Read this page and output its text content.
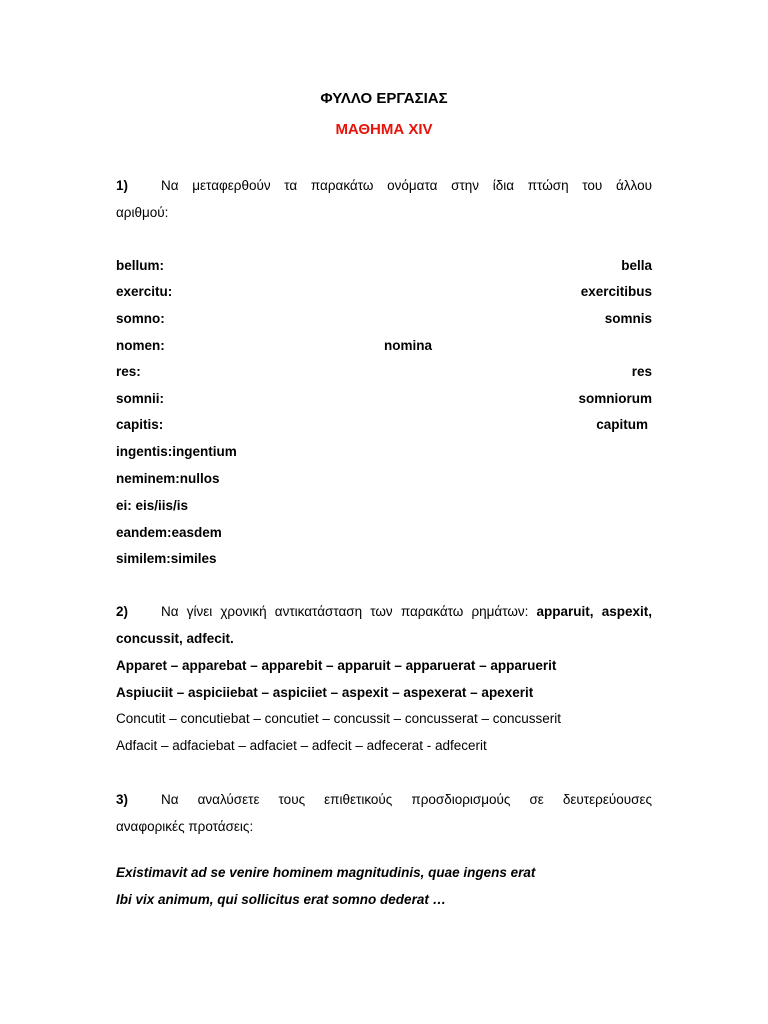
ΦΥΛΛΟ ΕΡΓΑΣΙΑΣ
ΜΑΘΗΜΑ XIV
1) Να μεταφερθούν τα παρακάτω ονόματα στην ίδια πτώση του άλλου
αριθμού:
bellum:	bella
exercitu:	exercitibus
somno:	somnis
nomen:	nomina
res:	res
somnii:	somniorum
capitis:	capitum
ingentis:ingentium
neminem:nullos
ei: eis/iis/is
eandem:easdem
similem:similes
2) Να γίνει χρονική αντικατάσταση των παρακάτω ρημάτων: apparuit, aspexit,
concussit, adfecit.
Apparet – apparebat – apparebit – apparuit – apparuerat – apparuerit
Aspiuciit – aspiciiebat – aspiciiet – aspexit – aspexerat – apexerit
Concutit – concutiebat – concutiet – concussit – concusserat – concusserit
Adfacit – adfaciebat – adfaciet – adfecit – adfecerat - adfecerit
3) Να αναλύσετε τους επιθετικούς προσδιορισμούς σε δευτερεύουσες
αναφορικές προτάσεις:
Existimavit ad se venire hominem magnitudinis, quae ingens erat
Ibi vix animum, qui sollicitus erat somno dederat …
